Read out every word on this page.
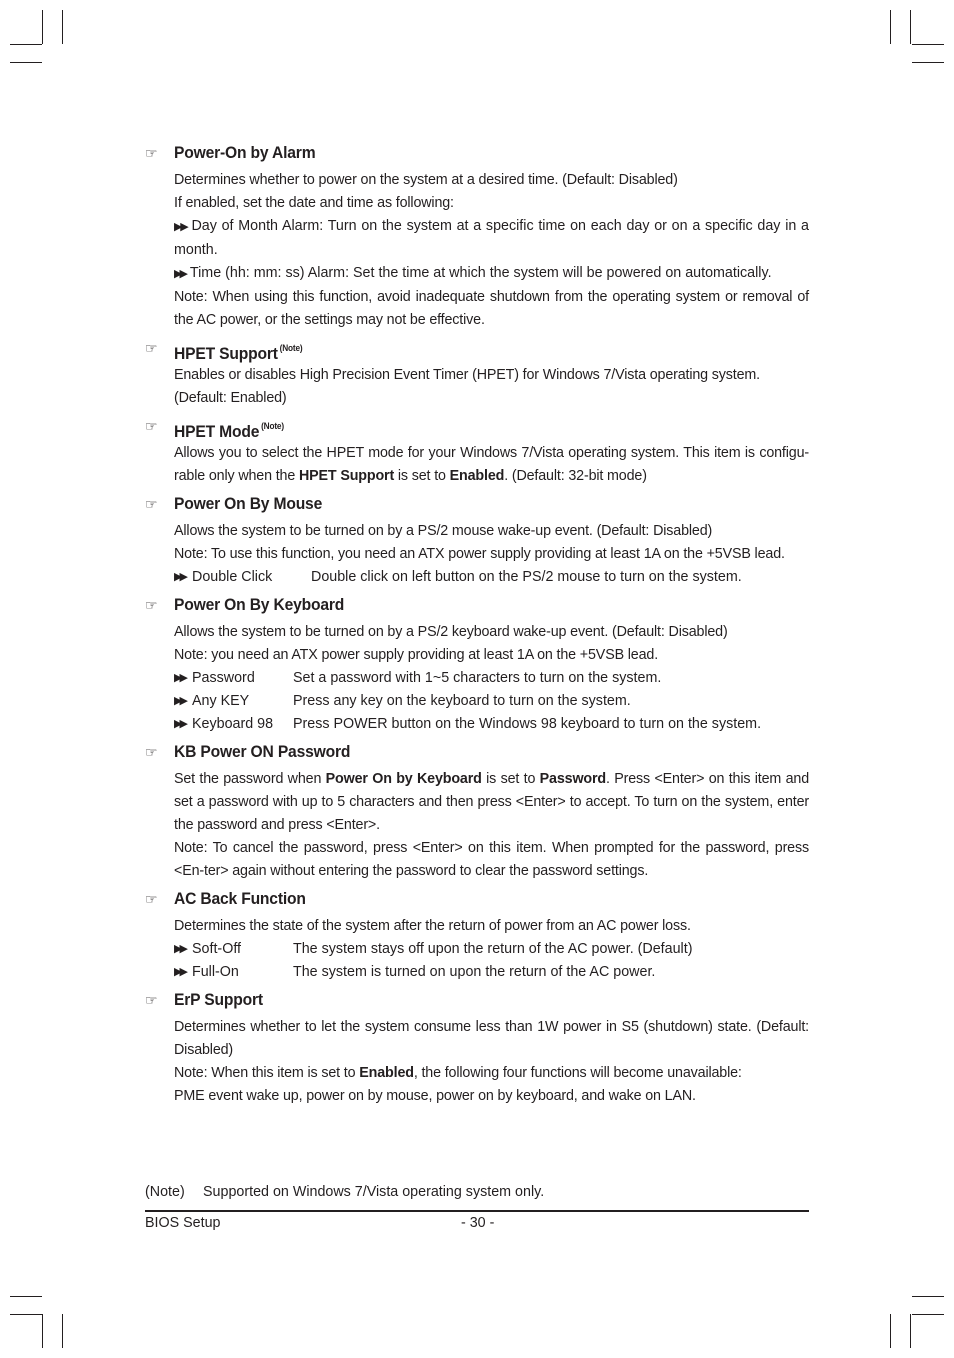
☞ Power-On by Alarm
Determines whether to power on the system at a desired time. (Default: Disabled)
If enabled, set the date and time as following:
▶▶ Day of Month Alarm: Turn on the system at a specific time on each day or on a specific day in a month.
▶▶ Time (hh: mm: ss) Alarm: Set the time at which the system will be powered on automatically.
Note: When using this function, avoid inadequate shutdown from the operating system or removal of the AC power, or the settings may not be effective.
☞ HPET Support $^{(Note)}$
Enables or disables High Precision Event Timer (HPET) for Windows 7/Vista operating system.
(Default: Enabled)
☞ HPET Mode $^{(Note)}$
Allows you to select the HPET mode for your Windows 7/Vista operating system. This item is configu-rable only when the HPET Support is set to Enabled. (Default: 32-bit mode)
☞ Power On By Mouse
Allows the system to be turned on by a PS/2 mouse wake-up event. (Default: Disabled)
Note: To use this function, you need an ATX power supply providing at least 1A on the +5VSB lead.
▶▶ Double Click	Double click on left button on the PS/2 mouse to turn on the system.
☞ Power On By Keyboard
Allows the system to be turned on by a PS/2 keyboard wake-up event. (Default: Disabled)
Note: you need an ATX power supply providing at least 1A on the +5VSB lead.
▶▶ Password	Set a password with 1~5 characters to turn on the system.
▶▶ Any KEY	Press any key on the keyboard to turn on the system.
▶▶ Keyboard 98	Press POWER button on the Windows 98 keyboard to turn on the system.
☞ KB Power ON Password
Set the password when Power On by Keyboard is set to Password. Press <Enter> on this item and set a password with up to 5 characters and then press <Enter> to accept. To turn on the system, enter the password and press <Enter>.
Note: To cancel the password, press <Enter> on this item. When prompted for the password, press <En-ter> again without entering the password to clear the password settings.
☞ AC Back Function
Determines the state of the system after the return of power from an AC power loss.
▶▶ Soft-Off	The system stays off upon the return of the AC power. (Default)
▶▶ Full-On	The system is turned on upon the return of the AC power.
☞ ErP Support
Determines whether to let the system consume less than 1W power in S5 (shutdown) state. (Default: Disabled)
Note: When this item is set to Enabled, the following four functions will become unavailable:
PME event wake up, power on by mouse, power on by keyboard, and wake on LAN.
(Note)	Supported on Windows 7/Vista operating system only.
BIOS Setup	- 30 -
